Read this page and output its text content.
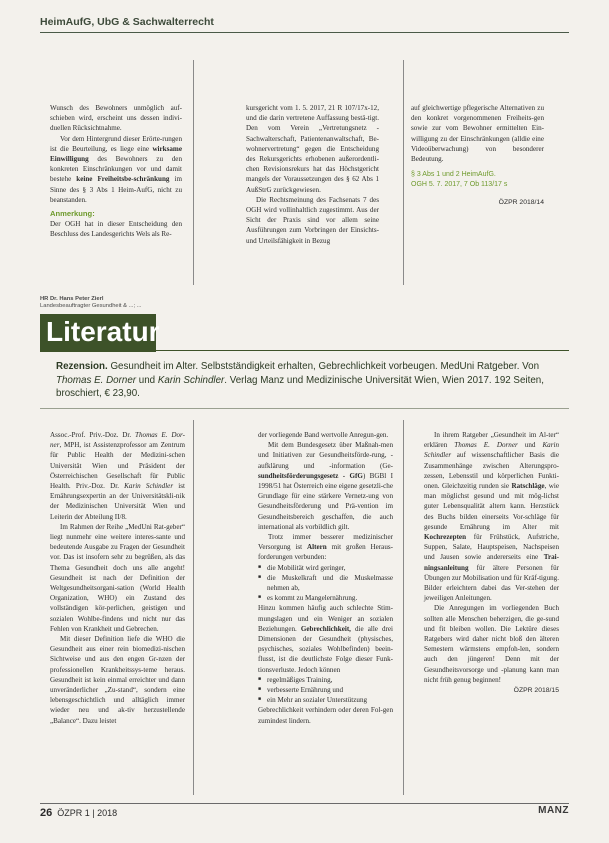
HeimAufG, UbG & Sachwalterrecht

Wunsch des Bewohners unmöglich auf-schieben wird, erscheint uns dessen indivi-duellen Rücksichtnahme.

Vor dem Hintergrund dieser Erörte-rungen ist die Beurteilung, es liege eine wirksame Einwilligung des Bewohners zu den konkreten Einschränkungen vor und damit bestehe keine Freiheitsbe-schränkung im Sinne des § 3 Abs 1 Heim-AufG, nicht zu beanstanden.

Anmerkung:

Der OGH hat in dieser Entscheidung den Beschluss des Landesgerichts Wels als Re-

kursgericht vom 1. 5. 2017, 21 R 107/17x-12, und die darin vertretene Auffassung bestä-tigt. Den vom Verein „Vertretungsnetz - Sachwalterschaft, Patientenanwaltschaft, Be-wohnervertretung“ gegen die Entscheidung des Rekursgerichts erhobenen außerordentli-chen Revisionsrekurs hat das Höchstgericht mangels der Voraussetzungen des § 62 Abs 1 AußStrG zurückgewiesen.

Die Rechtsmeinung des Fachsenats 7 des OGH wird vollinhaltlich zugestimmt. Aus der Sicht der Praxis sind vor allem seine Ausführungen zum Vorbringen der Einsichts- und Urteilsfähigkeit in Bezug

auf gleichwertige pflegerische Alternativen zu den konkret vorgenommenen Freiheits-gen sowie zur vom Bewohner ermittelten Ein-willigung zu der Einschränkungen (alldie eine Videoüberwachung) von besonderer Bedeutung.

§ 3 Abs 1 und 2 HeimAufG.
OGH 5. 7. 2017, 7 Ob 113/17 s
ÖZPR 2018/14
HR Dr. Hans Peter Zierl
Landesbeauftragter Gesundheit & ...; ...
Literatur
Rezension. Gesundheit im Alter. Selbstständigkeit erhalten, Gebrechlichkeit vorbeugen. MedUni Ratgeber. Von Thomas E. Dorner und Karin Schindler. Verlag Manz und Medizinische Universität Wien, Wien 2017. 192 Seiten, broschiert, € 23,90.

Assoc.-Prof. Priv.-Doz. Dr. Thomas E. Dor-ner, MPH, ist Assistenzprofessor am Zentrum für Public Health der Medizini-schen Universität Wien und Präsident der Österreichischen Gesellschaft für Public Health. Priv.-Doz. Dr. Karin Schindler ist Ernährungsexpertin an der Universitätskli-nik der Medizinischen Universität Wien und Leiterin der Abteilung II/8.

Im Rahmen der Reihe „MedUni Rat-geber“ liegt nunmehr eine weitere interes-sante und bedeutende Ausgabe zu Fragen der Gesundheit vor. Das ist insofern sehr zu begrüßen, als das Thema Gesundheit doch uns alle angeht! Gesundheit ist nach der Definition der Weltgesundheitsorgani-sation (World Health Organization, WHO) ein Zustand des vollständigen kör-perlichen, geistigen und sozialen Wohlbe-findens und nicht nur das Fehlen von Krankheit und Gebrechen.

Mit dieser Definition liefe die WHO die Gesundheit aus einer rein biomedizi-nischen Sichtweise und aus den engen Gr-nzen der professionellen Krankheitssys-teme heraus. Gesundheit ist kein einmal erreichter und dann unveränderlicher „Zu-stand“, sondern eine lebensgeschichtlich und alltäglich immer wieder neu und ak-tiv herzustellende „Balance“. Dazu leistet

der vorliegende Band wertvolle Anregun-gen.

Mit dem Bundesgesetz über Maßnah-men und Initiativen zur Gesundheitsförde-rung, -aufklärung und -information (Ge-sundheitsförderungsgesetz - GfG) BGBl I 1998/51 hat Österreich eine eigene gesetzli-che Grundlage für eine stärkere Vernetz-ung von Gesundheitsförderung und Prä-vention im Gesundheitsbereich geschaffen, die auch international als vorbildlich gilt.

Trotz immer besserer medizinischer Versorgung ist Altern mit großen Heraus-forderungen verbunden:

■ die Mobilität wird geringer,
■ die Muskelkraft und die Muskelmasse nehmen ab,
■ es kommt zu Mangelernährung.

Hinzu kommen häufig auch schlechte Stim-mungslagen und ein Weniger an sozialen Beziehungen. Gebrechlichkeit, die alle drei Dimensionen der Gesundheit (physisches, psychisches, soziales Wohlbefinden) beein-flusst, ist die deutlichste Folge dieser Funk-tionsverluste. Jedoch können

■ regelmäßiges Training,
■ verbesserte Ernährung und
■ ein Mehr an sozialer Unterstützung

Gebrechlichkeit verhindern oder deren Fol-gen zumindest lindern.

In ihrem Ratgeber „Gesundheit im Al-ter“ erklären Thomas E. Dorner und Karin Schindler auf wissenschaftlicher Basis die Zusammenhänge zwischen Alterungspro-zessen, Lebensstil und körperlichen Funkti-onen. Gleichzeitig runden sie Ratschläge, wie man möglichst gesund und mit mög-lichst guter Lebensqualität altern kann. Herzstück des Buchs bilden einerseits Vor-schläge für gesunde Ernährung im Alter mit Kochrezepten für Frühstück, Aufstriche, Suppen, Salate, Hauptspeisen, Nachspeisen und Jausen sowie andererseits eine Trai-ningsanleitung für ältere Personen für Übungen zur Mobilisation und für Kräf-tigung. Bilder erleichtern dabei das Ver-stehen der jeweiligen Anleitungen.

Die Anregungen im vorliegenden Buch sollten alle Menschen beherzigen, die ge-sund und fit bleiben wollen. Die Lektüre dieses Ratgebers wird daher nicht bloß den älteren Semestern wärmstens empfoh-len, sondern auch den jüngeren! Denn mit der Gesundheitsvorsorge und -planung kann man nicht früh genug beginnen!

ÖZPR 2018/15
26 ÖZPR 1 | 2018	MANZ
